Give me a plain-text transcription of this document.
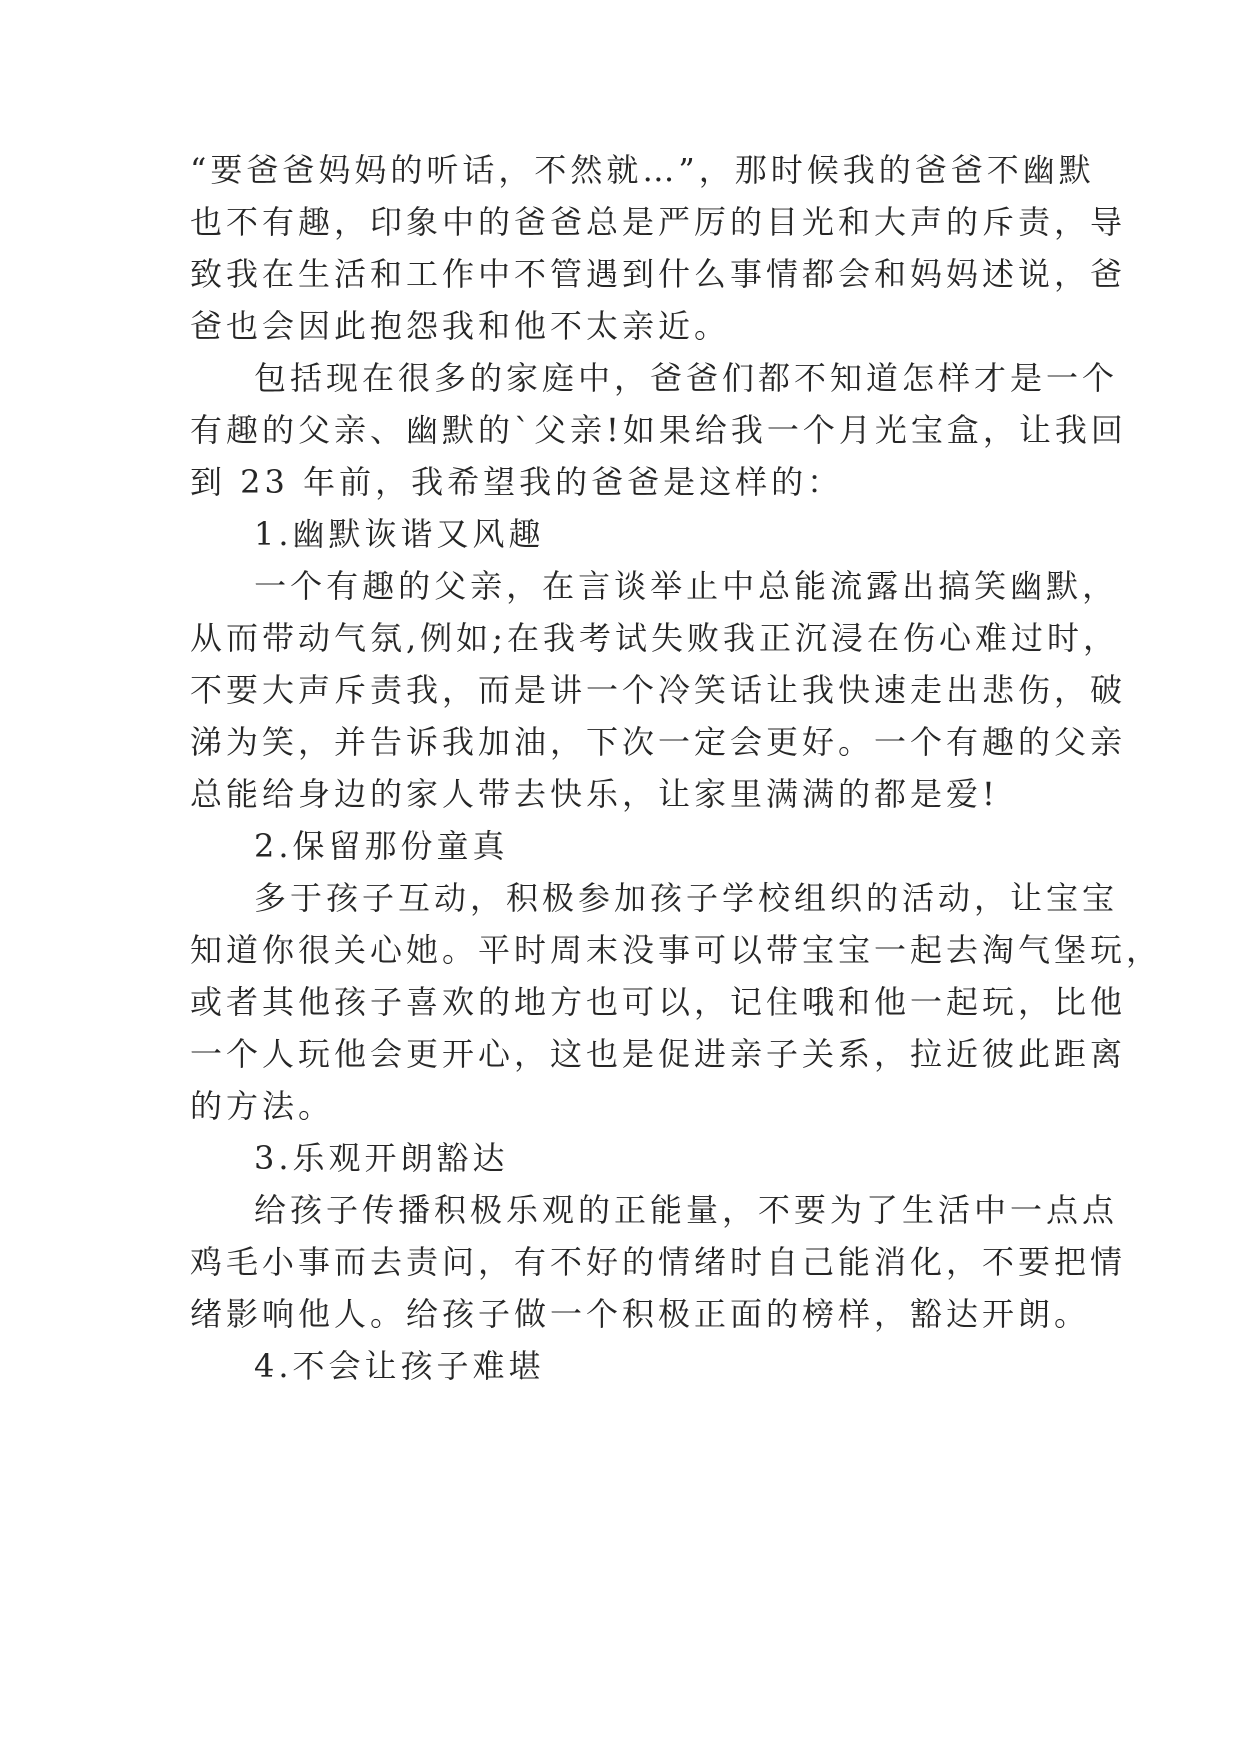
“要爸爸妈妈的听话，不然就…”，那时候我的爸爸不幽默
也不有趣，印象中的爸爸总是严厉的目光和大声的斥责，导
致我在生活和工作中不管遇到什么事情都会和妈妈述说，爸
爸也会因此抱怨我和他不太亲近。
包括现在很多的家庭中，爸爸们都不知道怎样才是一个
有趣的父亲、幽默的`父亲!如果给我一个月光宝盒，让我回
到 23 年前，我希望我的爸爸是这样的：
1.幽默诙谐又风趣
一个有趣的父亲，在言谈举止中总能流露出搞笑幽默，
从而带动气氛,例如;在我考试失败我正沉浸在伤心难过时，
不要大声斥责我，而是讲一个冷笑话让我快速走出悲伤，破
涕为笑，并告诉我加油，下次一定会更好。一个有趣的父亲
总能给身边的家人带去快乐，让家里满满的都是爱!
2.保留那份童真
多于孩子互动，积极参加孩子学校组织的活动，让宝宝
知道你很关心她。平时周末没事可以带宝宝一起去淘气堡玩，
或者其他孩子喜欢的地方也可以，记住哦和他一起玩，比他
一个人玩他会更开心，这也是促进亲子关系，拉近彼此距离
的方法。
3.乐观开朗豁达
给孩子传播积极乐观的正能量，不要为了生活中一点点
鸡毛小事而去责问，有不好的情绪时自己能消化，不要把情
绪影响他人。给孩子做一个积极正面的榜样，豁达开朗。
4.不会让孩子难堪
